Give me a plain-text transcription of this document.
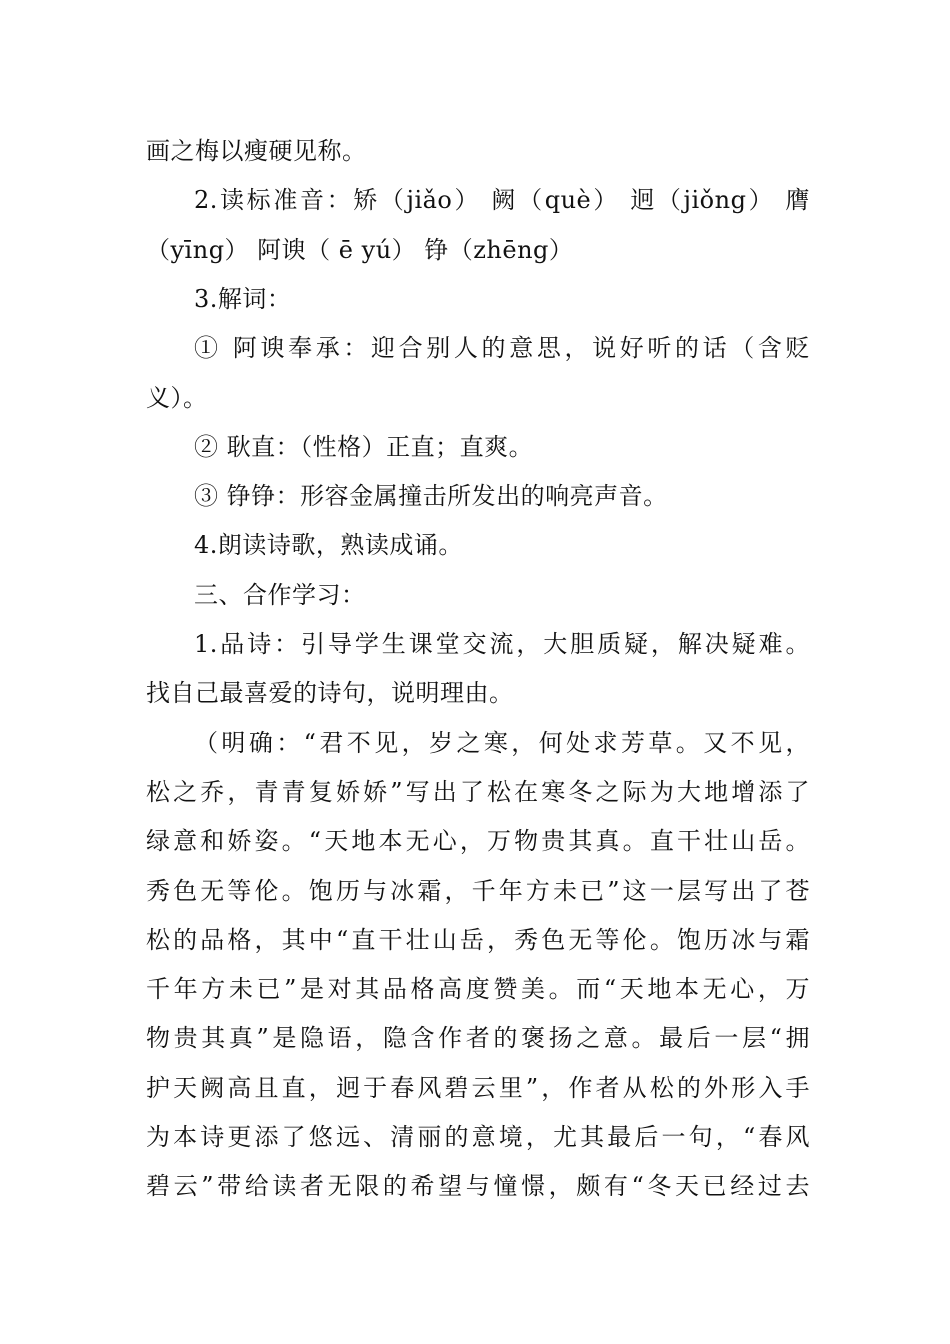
画之梅以瘦硬见称。
2.读标准音：矫（jiǎo） 阙（què） 迥（jiǒng） 膺
（yīng） 阿谀（ ē yú） 铮（zhēng）
3.解词：
① 阿谀奉承：迎合别人的意思，说好听的话（含贬
义）。
② 耿直：（性格）正直；直爽。
③ 铮铮：形容金属撞击所发出的响亮声音。
4.朗读诗歌，熟读成诵。
三、合作学习：
1.品诗：引导学生课堂交流，大胆质疑，解决疑难。
找自己最喜爱的诗句，说明理由。
（明确：“君不见，岁之寒，何处求芳草。又不见，
松之乔，青青复娇娇”写出了松在寒冬之际为大地增添了
绿意和娇姿。“天地本无心，万物贵其真。直干壮山岳。
秀色无等伦。饱历与冰霜，千年方未已”这一层写出了苍
松的品格，其中“直干壮山岳，秀色无等伦。饱历冰与霜
千年方未已”是对其品格高度赞美。而“天地本无心，万
物贵其真”是隐语，隐含作者的褒扬之意。最后一层“拥
护天阙高且直，迥于春风碧云里”，作者从松的外形入手
为本诗更添了悠远、清丽的意境，尤其最后一句，“春风
碧云”带给读者无限的希望与憧憬，颇有“冬天已经过去
